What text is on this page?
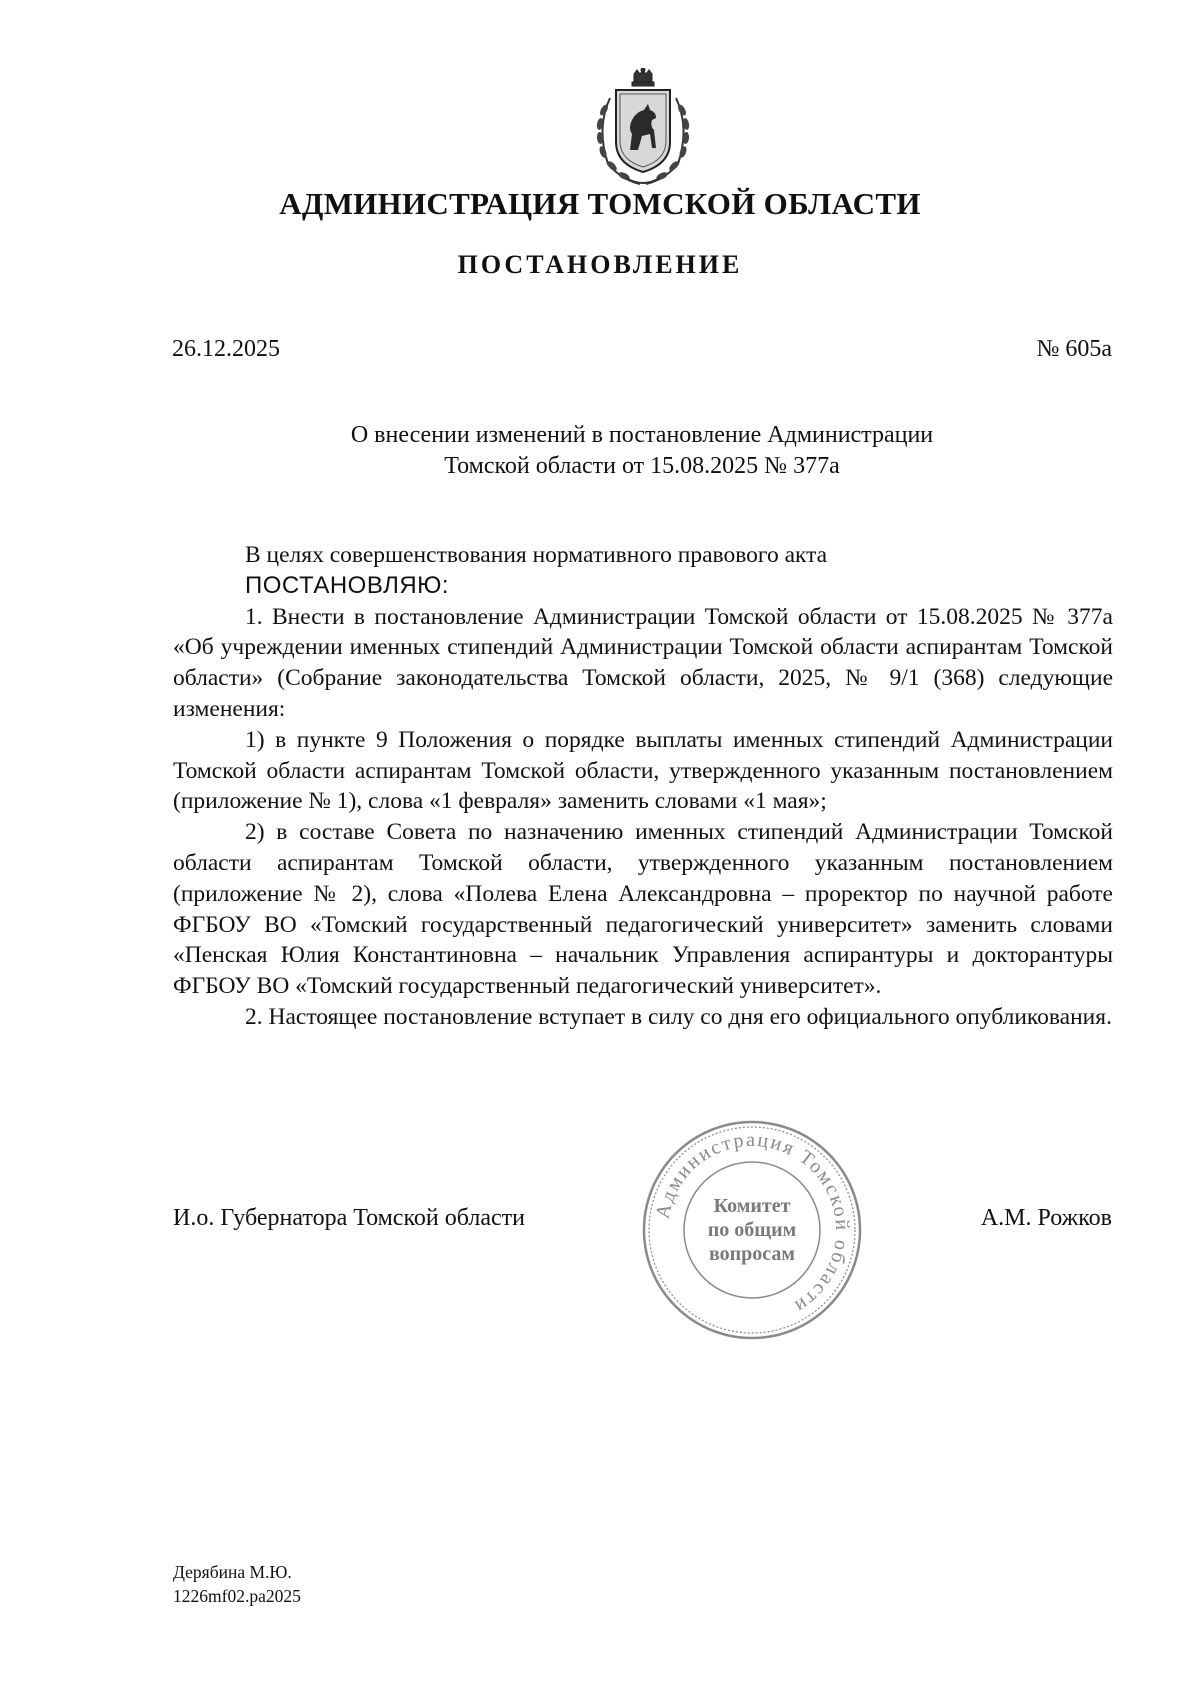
АДМИНИСТРАЦИЯ ТОМСКОЙ ОБЛАСТИ
ПОСТАНОВЛЕНИЕ
26.12.2025	№ 605а
О внесении изменений в постановление Администрации
Томской области от 15.08.2025 № 377а

В целях совершенствования нормативного правового акта

ПОСТАНОВЛЯЮ:

1. Внести в постановление Администрации Томской области от 15.08.2025 № 377а «Об учреждении именных стипендий Администрации Томской области аспирантам Томской области» (Собрание законодательства Томской области, 2025, № 9/1 (368) следующие изменения:

1) в пункте 9 Положения о порядке выплаты именных стипендий Администрации Томской области аспирантам Томской области, утвержденного указанным постановлением (приложение № 1), слова «1 февраля» заменить словами «1 мая»;

2) в составе Совета по назначению именных стипендий Администрации Томской области аспирантам Томской области, утвержденного указанным постановлением (приложение № 2), слова «Полева Елена Александровна – проректор по научной работе ФГБОУ ВО «Томский государственный педагогический университет» заменить словами «Пенская Юлия Константиновна – начальник Управления аспирантуры и докторантуры ФГБОУ ВО «Томский государственный педагогический университет».

2. Настоящее постановление вступает в силу со дня его официального опубликования.

И.о. Губернатора Томской области	А.М. Рожков
Администрация Томской области
Комитет
по общим
вопросам
Дерябина М.Ю.
1226mf02.pa2025
